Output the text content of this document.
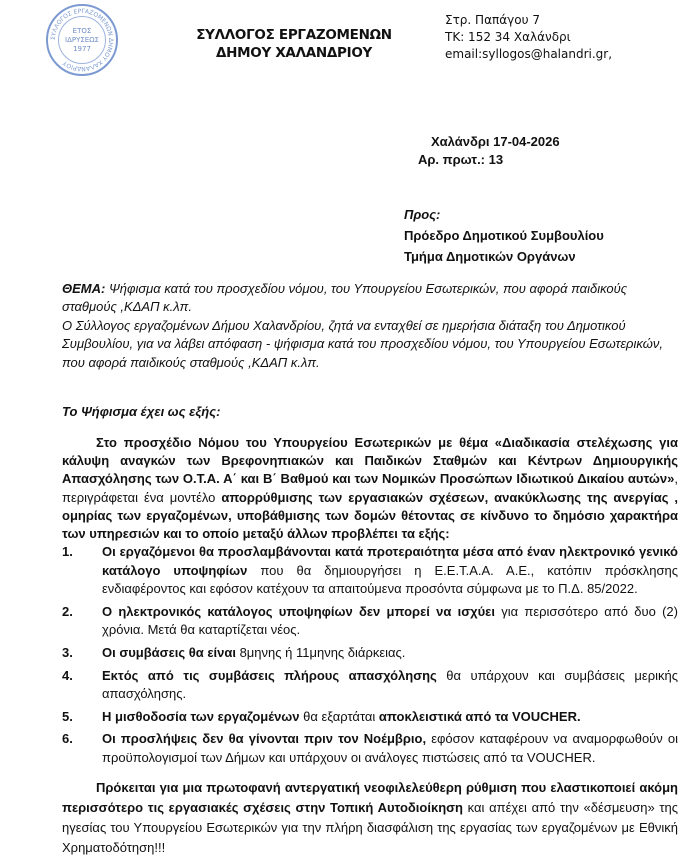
ΣΥΛΛΟΓΟΣ ΕΡΓΑΖΟΜΕΝΩΝ ΔΗΜΟΥ ΧΑΛΑΝΔΡΙΟΥ
ΕΤΟΣ
ΙΔΡΥΣΕΩΣ
1977
ΣΥΛΛΟΓΟΣ ΕΡΓΑΖΟΜΕΝΩΝ
ΔΗΜΟΥ ΧΑΛΑΝΔΡΙΟΥ
Στρ. Παπάγου 7
ΤΚ: 152 34 Χαλάνδρι
email:syllogos@halandri.gr,
Χαλάνδρι 17-04-2026
Αρ. πρωτ.: 13
Προς:
Πρόεδρο Δημοτικού Συμβουλίου
Τμήμα Δημοτικών Οργάνων
ΘΕΜΑ: Ψήφισμα κατά του προσχεδίου νόμου, του Υπουργείου Εσωτερικών, που αφορά παιδικούς σταθμούς ,ΚΔΑΠ κ.λπ.
Ο Σύλλογος εργαζομένων Δήμου Χαλανδρίου, ζητά να ενταχθεί σε ημερήσια διάταξη του Δημοτικού Συμβουλίου, για να λάβει απόφαση - ψήφισμα κατά του προσχεδίου νόμου, του Υπουργείου Εσωτερικών, που αφορά παιδικούς σταθμούς ,ΚΔΑΠ κ.λπ.
Το Ψήφισμα έχει ως εξής:
Στο προσχέδιο Νόμου του Υπουργείου Εσωτερικών με θέμα «Διαδικασία στελέχωσης για κάλυψη αναγκών των Βρεφονηπιακών και Παιδικών Σταθμών και Κέντρων Δημιουργικής Απασχόλησης των Ο.Τ.Α. Α΄ και Β΄ Βαθμού και των Νομικών Προσώπων Ιδιωτικού Δικαίου αυτών», περιγράφεται ένα μοντέλο απορρύθμισης των εργασιακών σχέσεων, ανακύκλωσης της ανεργίας , ομηρίας των εργαζομένων, υποβάθμισης των δομών θέτοντας σε κίνδυνο το δημόσιο χαρακτήρα των υπηρεσιών και το οποίο μεταξύ άλλων προβλέπει τα εξής:
1. Οι εργαζόμενοι θα προσλαμβάνονται κατά προτεραιότητα μέσα από έναν ηλεκτρονικό γενικό κατάλογο υποψηφίων που θα δημιουργήσει η Ε.Ε.Τ.Α.Α. Α.Ε., κατόπιν πρόσκλησης ενδιαφέροντος και εφόσον κατέχουν τα απαιτούμενα προσόντα σύμφωνα με το Π.Δ. 85/2022.
2. Ο ηλεκτρονικός κατάλογος υποψηφίων δεν μπορεί να ισχύει για περισσότερο από δυο (2) χρόνια. Μετά θα καταρτίζεται νέος.
3. Οι συμβάσεις θα είναι 8μηνης ή 11μηνης διάρκειας.
4. Εκτός από τις συμβάσεις πλήρους απασχόλησης θα υπάρχουν και συμβάσεις μερικής απασχόλησης.
5. Η μισθοδοσία των εργαζομένων θα εξαρτάται αποκλειστικά από τα VOUCHER.
6. Οι προσλήψεις δεν θα γίνονται πριν τον Νοέμβριο, εφόσον καταφέρουν να αναμορφωθούν οι προϋπολογισμοί των Δήμων και υπάρχουν οι ανάλογες πιστώσεις από τα VOUCHER.
Πρόκειται για μια πρωτοφανή αντεργατική νεοφιλελεύθερη ρύθμιση που ελαστικοποιεί ακόμη περισσότερο τις εργασιακές σχέσεις στην Τοπική Αυτοδιοίκηση και απέχει από την «δέσμευση» της ηγεσίας του Υπουργείου Εσωτερικών για την πλήρη διασφάλιση της εργασίας των εργαζομένων με Εθνική Χρηματοδότηση!!!
